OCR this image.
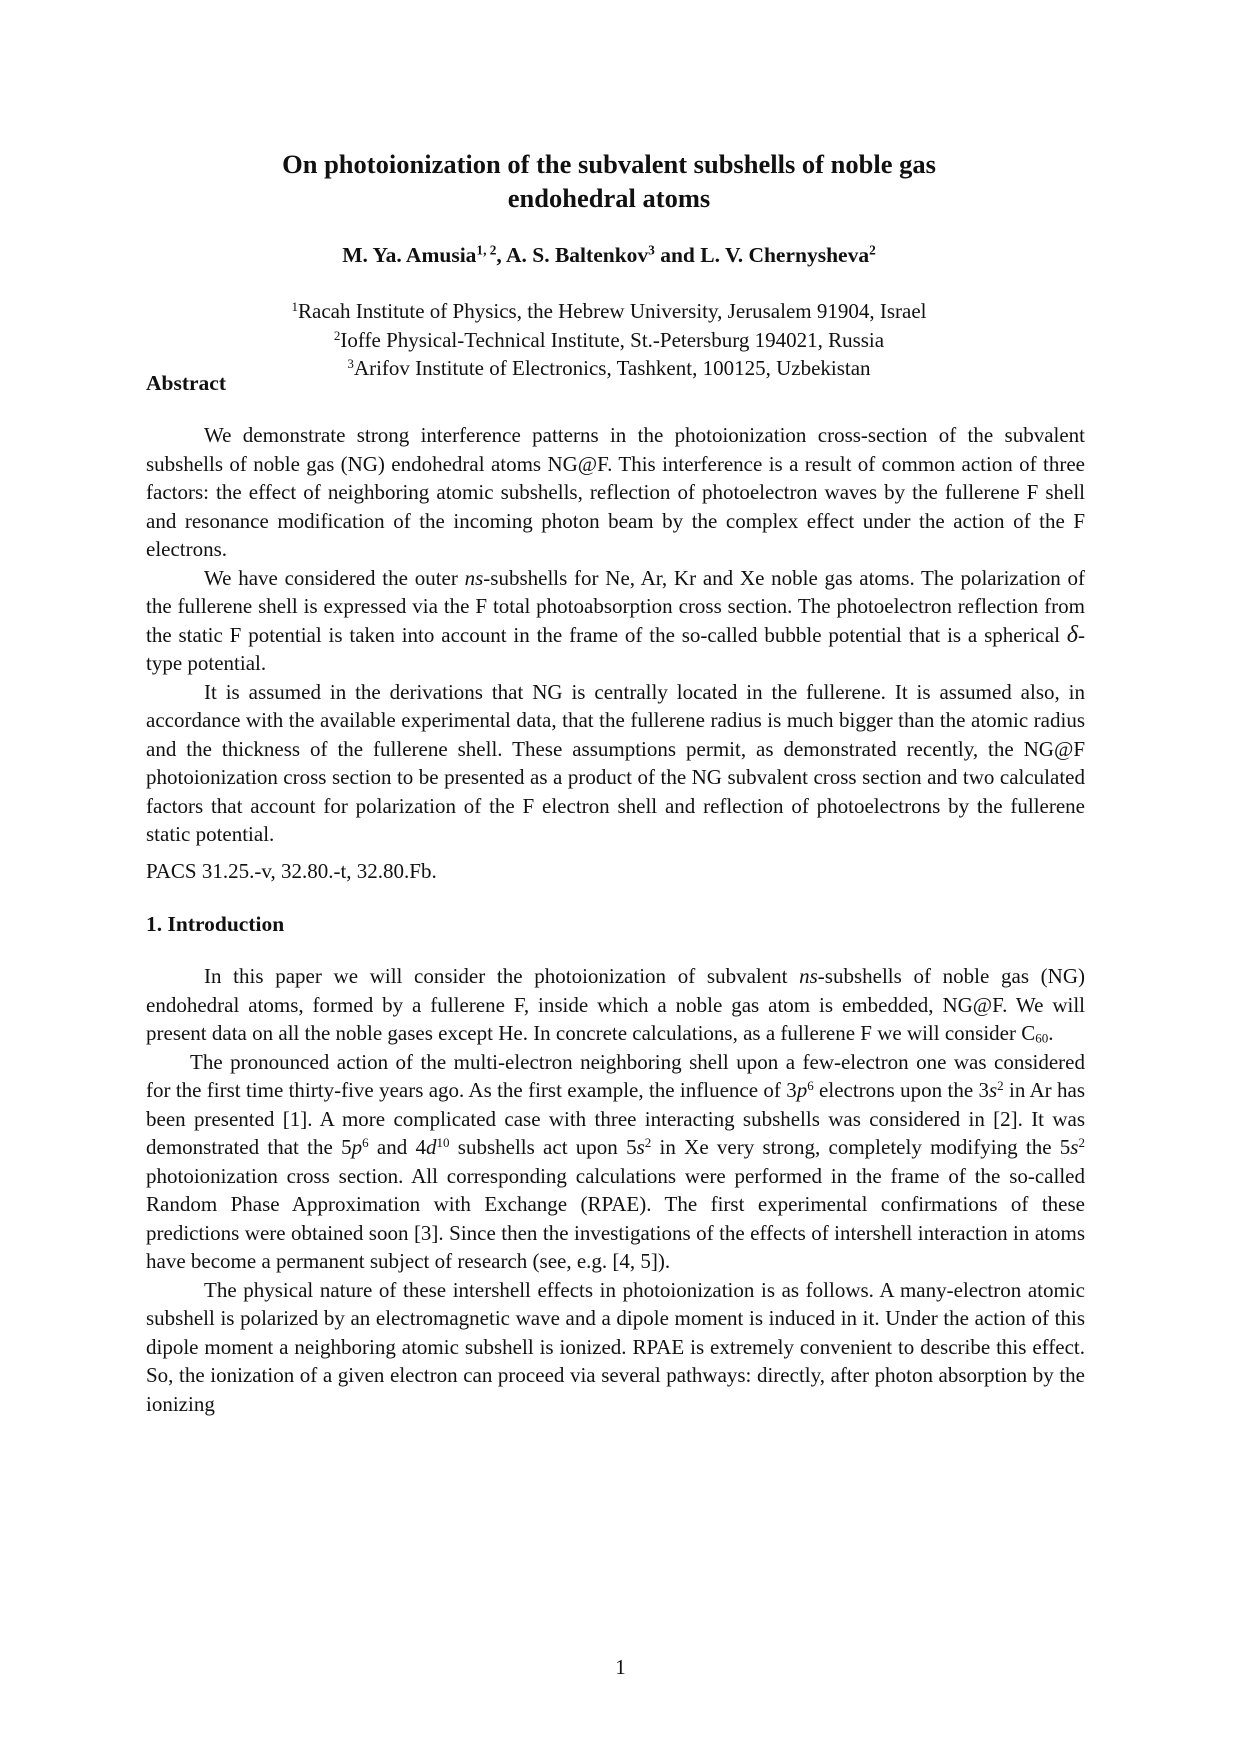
On photoionization of the subvalent subshells of noble gas
endohedral atoms
M. Ya. Amusia$^{1, 2}$, A. S. Baltenkov$^3$ and L. V. Chernysheva$^2$
$^1$Racah Institute of Physics, the Hebrew University, Jerusalem 91904, Israel
$^2$Ioffe Physical-Technical Institute, St.-Petersburg 194021, Russia
$^3$Arifov Institute of Electronics, Tashkent, 100125, Uzbekistan
Abstract

We demonstrate strong interference patterns in the photoionization cross-section of the subvalent subshells of noble gas (NG) endohedral atoms NG@F. This interference is a result of common action of three factors: the effect of neighboring atomic subshells, reflection of photoelectron waves by the fullerene F shell and resonance modification of the incoming photon beam by the complex effect under the action of the F electrons.

We have considered the outer ns-subshells for Ne, Ar, Kr and Xe noble gas atoms. The polarization of the fullerene shell is expressed via the F total photoabsorption cross section. The photoelectron reflection from the static F potential is taken into account in the frame of the so-called bubble potential that is a spherical δ-type potential.

It is assumed in the derivations that NG is centrally located in the fullerene. It is assumed also, in accordance with the available experimental data, that the fullerene radius is much bigger than the atomic radius and the thickness of the fullerene shell. These assumptions permit, as demonstrated recently, the NG@F photoionization cross section to be presented as a product of the NG subvalent cross section and two calculated factors that account for polarization of the F electron shell and reflection of photoelectrons by the fullerene static potential.

PACS 31.25.-v, 32.80.-t, 32.80.Fb.
1. Introduction

In this paper we will consider the photoionization of subvalent ns-subshells of noble gas (NG) endohedral atoms, formed by a fullerene F, inside which a noble gas atom is embedded, NG@F. We will present data on all the noble gases except He. In concrete calculations, as a fullerene F we will consider $C_{60}$.

The pronounced action of the multi-electron neighboring shell upon a few-electron one was considered for the first time thirty-five years ago. As the first example, the influence of $3p^6$ electrons upon the $3s^2$ in Ar has been presented [1]. A more complicated case with three interacting subshells was considered in [2]. It was demonstrated that the $5p^6$ and $4d^{10}$ subshells act upon $5s^2$ in Xe very strong, completely modifying the $5s^2$ photoionization cross section. All corresponding calculations were performed in the frame of the so-called Random Phase Approximation with Exchange (RPAE). The first experimental confirmations of these predictions were obtained soon [3]. Since then the investigations of the effects of intershell interaction in atoms have become a permanent subject of research (see, e.g. [4, 5]).

The physical nature of these intershell effects in photoionization is as follows. A many-electron atomic subshell is polarized by an electromagnetic wave and a dipole moment is induced in it. Under the action of this dipole moment a neighboring atomic subshell is ionized. RPAE is extremely convenient to describe this effect. So, the ionization of a given electron can proceed via several pathways: directly, after photon absorption by the ionizing

1
